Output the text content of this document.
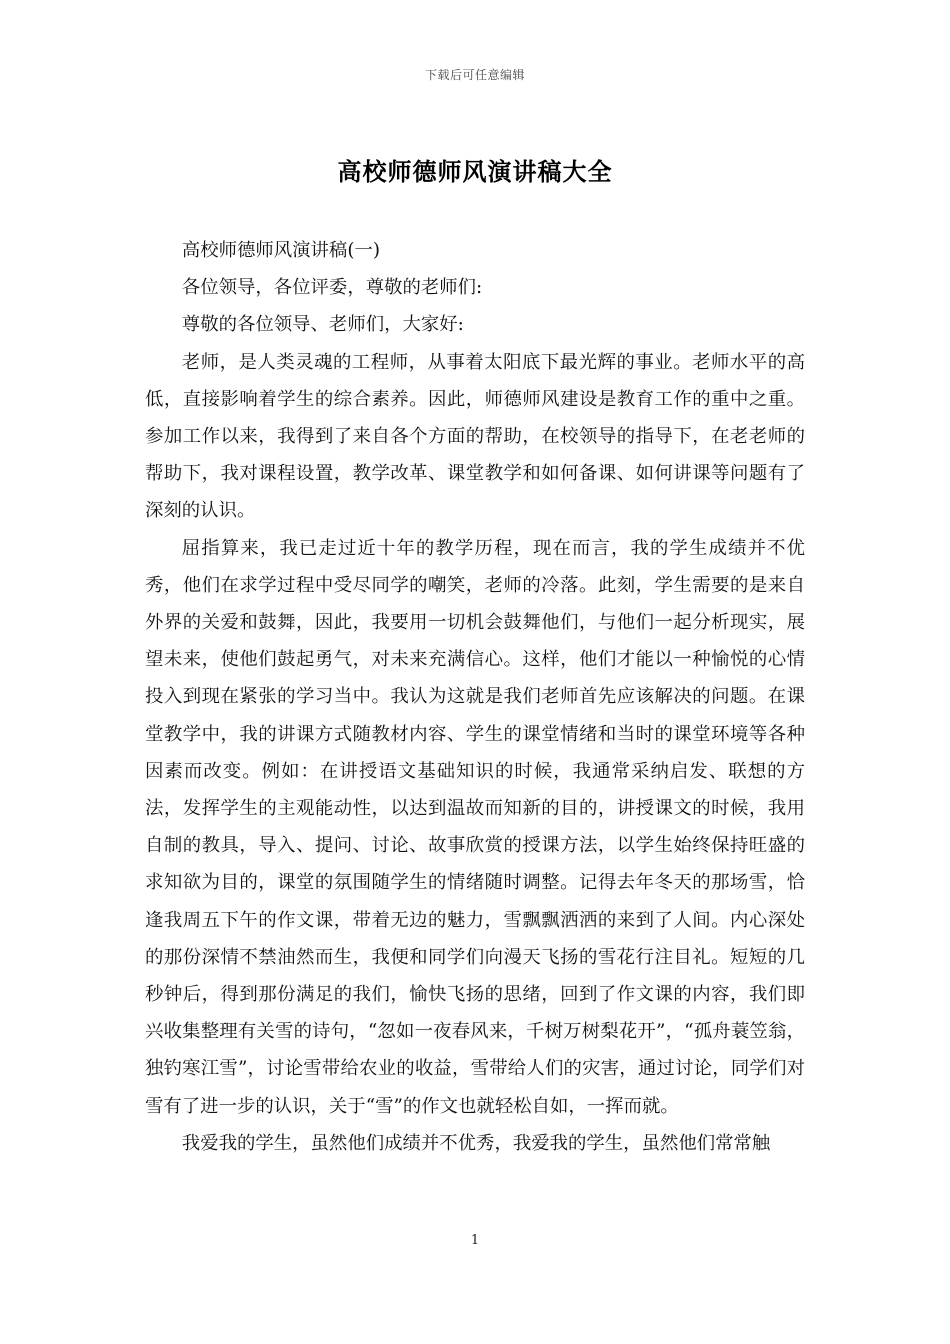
下载后可任意编辑
高校师德师风演讲稿大全

高校师德师风演讲稿(一)

各位领导，各位评委，尊敬的老师们:

尊敬的各位领导、老师们，大家好:

老师，是人类灵魂的工程师，从事着太阳底下最光辉的事业。老师水平的高低，直接影响着学生的综合素养。因此，师德师风建设是教育工作的重中之重。参加工作以来，我得到了来自各个方面的帮助，在校领导的指导下，在老老师的帮助下，我对课程设置，教学改革、课堂教学和如何备课、如何讲课等问题有了深刻的认识。

屈指算来，我已走过近十年的教学历程，现在而言，我的学生成绩并不优秀，他们在求学过程中受尽同学的嘲笑，老师的冷落。此刻，学生需要的是来自外界的关爱和鼓舞，因此，我要用一切机会鼓舞他们，与他们一起分析现实，展望未来，使他们鼓起勇气，对未来充满信心。这样，他们才能以一种愉悦的心情投入到现在紧张的学习当中。我认为这就是我们老师首先应该解决的问题。在课堂教学中，我的讲课方式随教材内容、学生的课堂情绪和当时的课堂环境等各种因素而改变。例如：在讲授语文基础知识的时候，我通常采纳启发、联想的方法，发挥学生的主观能动性，以达到温故而知新的目的，讲授课文的时候，我用自制的教具，导入、提问、讨论、故事欣赏的授课方法，以学生始终保持旺盛的求知欲为目的，课堂的氛围随学生的情绪随时调整。记得去年冬天的那场雪，恰逢我周五下午的作文课，带着无边的魅力，雪飘飘洒洒的来到了人间。内心深处的那份深情不禁油然而生，我便和同学们向漫天飞扬的雪花行注目礼。短短的几秒钟后，得到那份满足的我们，愉快飞扬的思绪，回到了作文课的内容，我们即兴收集整理有关雪的诗句，“忽如一夜春风来，千树万树梨花开”，“孤舟蓑笠翁，独钓寒江雪”，讨论雪带给农业的收益，雪带给人们的灾害，通过讨论，同学们对雪有了进一步的认识，关于“雪”的作文也就轻松自如，一挥而就。

我爱我的学生，虽然他们成绩并不优秀，我爱我的学生，虽然他们常常触

1
